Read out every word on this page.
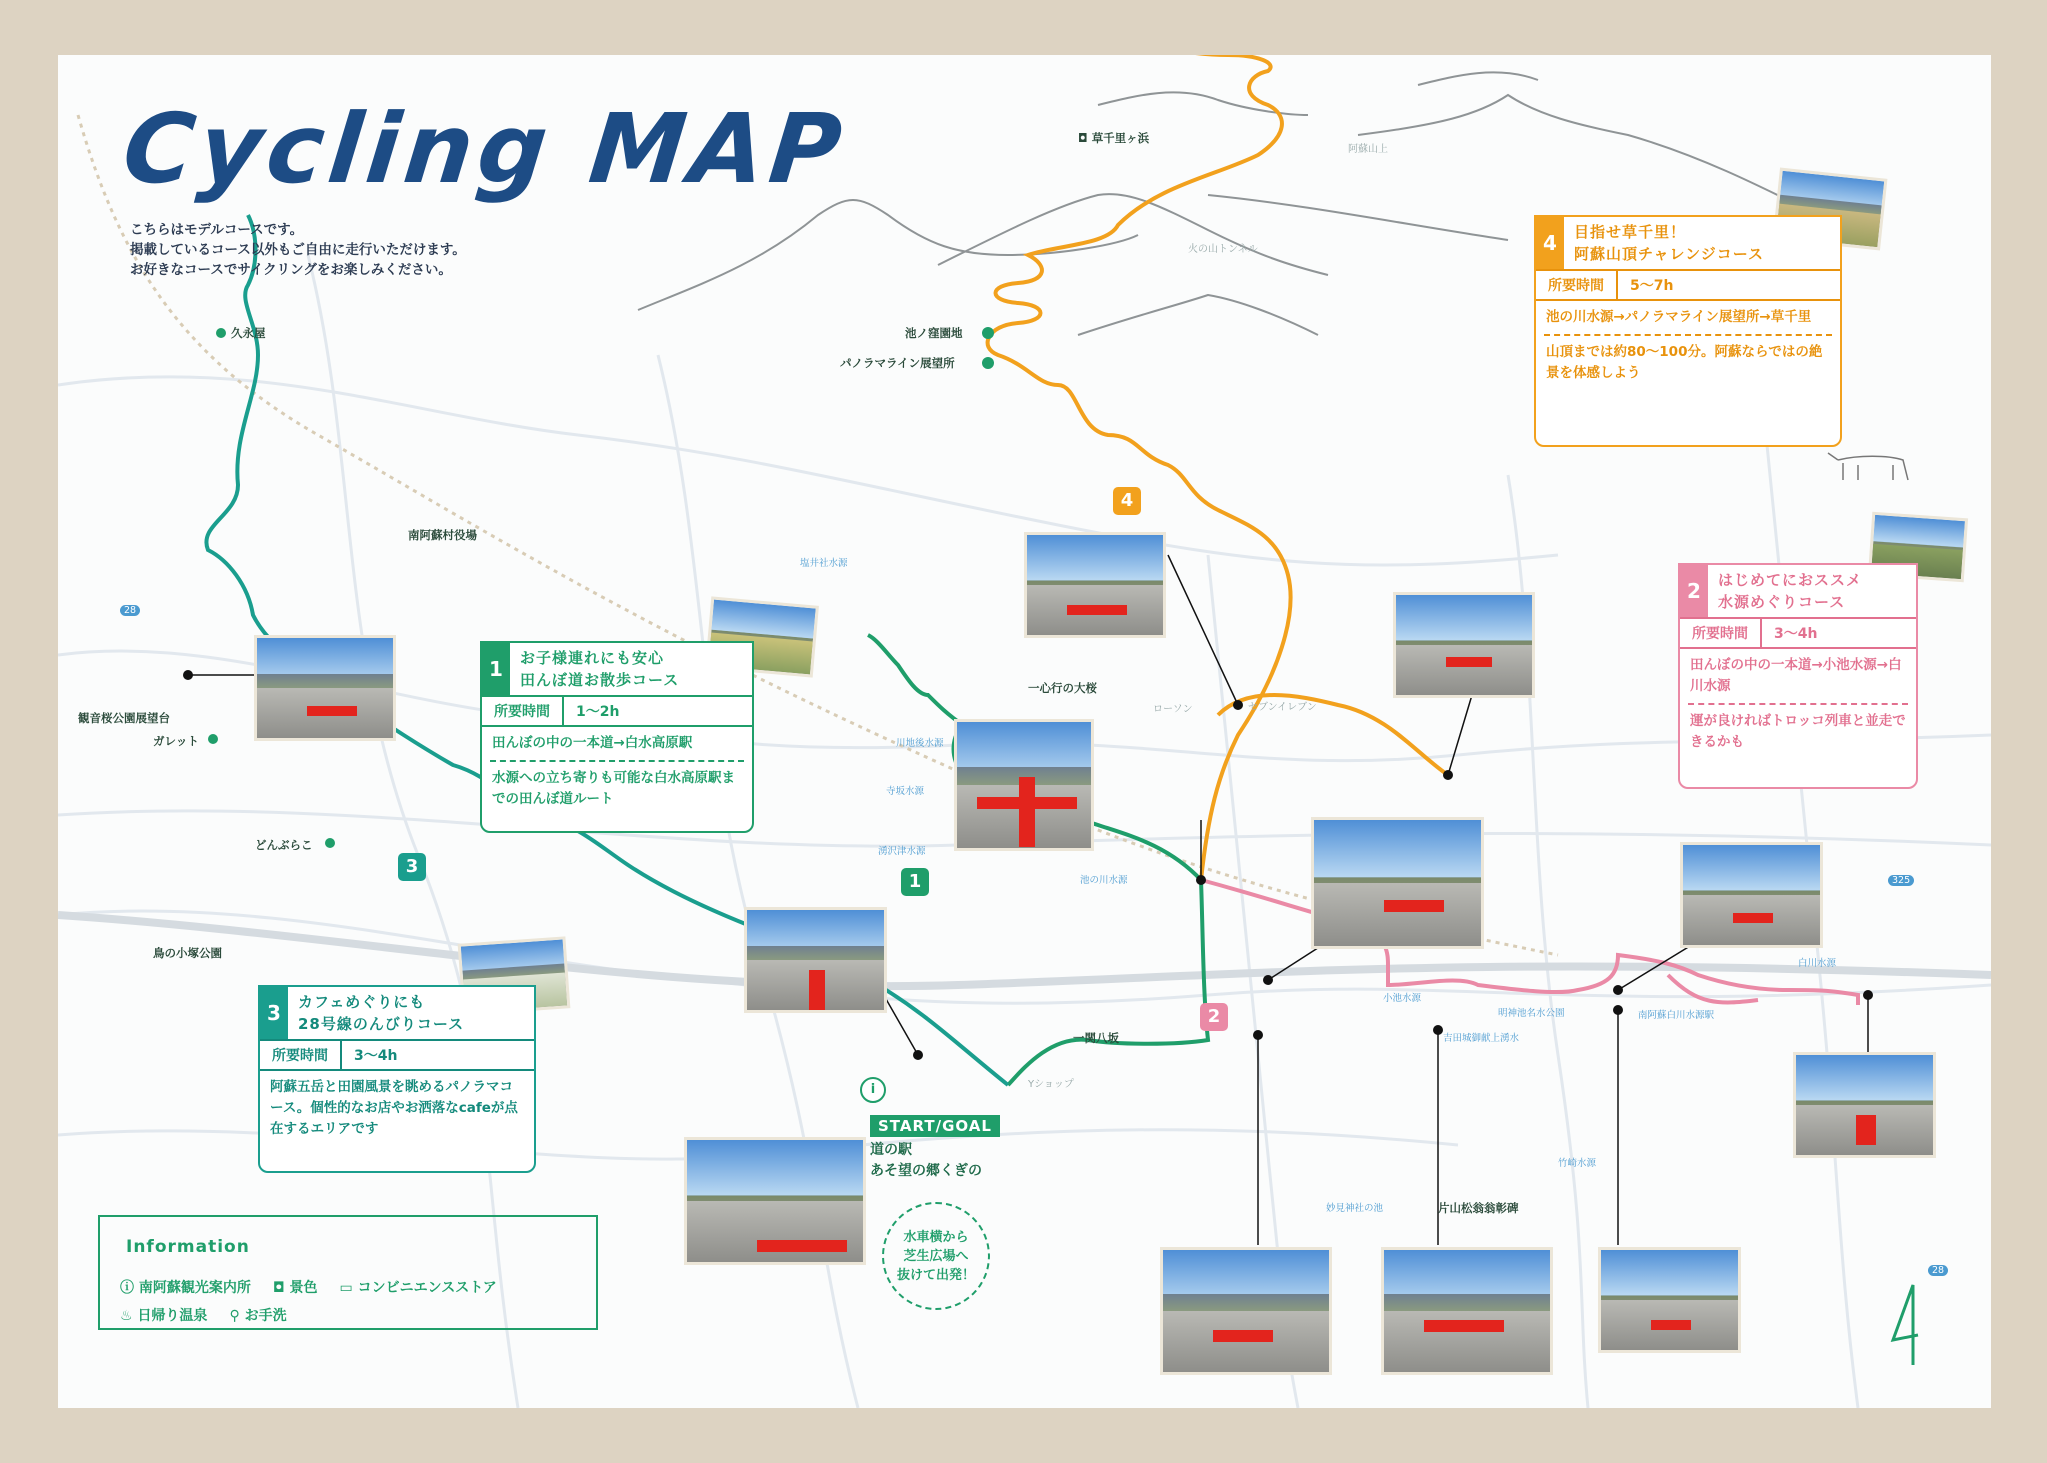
Cycling MAP
こちらはモデルコースです。
掲載しているコース以外もご自由に走行いただけます。
お好きなコースでサイクリングをお楽しみください。
◘ 草千里ヶ浜
阿蘇山上
火の山トンネル
池ノ窪園地
パノラマライン展望所
久永屋
南阿蘇村役場
観音桜公園展望台
ガレット
どんぶらこ
鳥の小塚公園
一心行の大桜
川地後水源
寺坂水源
湧沢津水源
池の川水源
塩井社水源
小池水源
白川水源
一関八坂	吉田城御献上湧水
竹崎水源
妙見神社の池	片山松翁翁彰碑
ローソン	セブンイレブン
Yショップ
南阿蘇白川水源駅
明神池名水公園
28
325
28
1
2
3
4
1	お子様連れにも安心
田んぼ道お散歩コース
所要時間	1～2h
田んぼの中の一本道→白水高原駅
水源への立ち寄りも可能な白水高原駅までの田んぼ道ルート
2	はじめてにおススメ
水源めぐりコース
所要時間	3～4h
田んぼの中の一本道→小池水源→白川水源
運が良ければトロッコ列車と並走できるかも
3	カフェめぐりにも
28号線のんびりコース
所要時間	3～4h
阿蘇五岳と田園風景を眺めるパノラマコース。個性的なお店やお洒落なcafeが点在するエリアです
4	目指せ草千里！
阿蘇山頂チャレンジコース
所要時間	5～7h
池の川水源→パノラマライン展望所→草千里
山頂までは約80～100分。阿蘇ならではの絶景を体感しよう
i
START/GOAL
道の駅
あそ望の郷くぎの
水車横から
芝生広場へ
抜けて出発！
Information
ⓘ 南阿蘇観光案内所 ◘ 景色 ▭ コンビニエンスストア
♨ 日帰り温泉 ⚲ お手洗
